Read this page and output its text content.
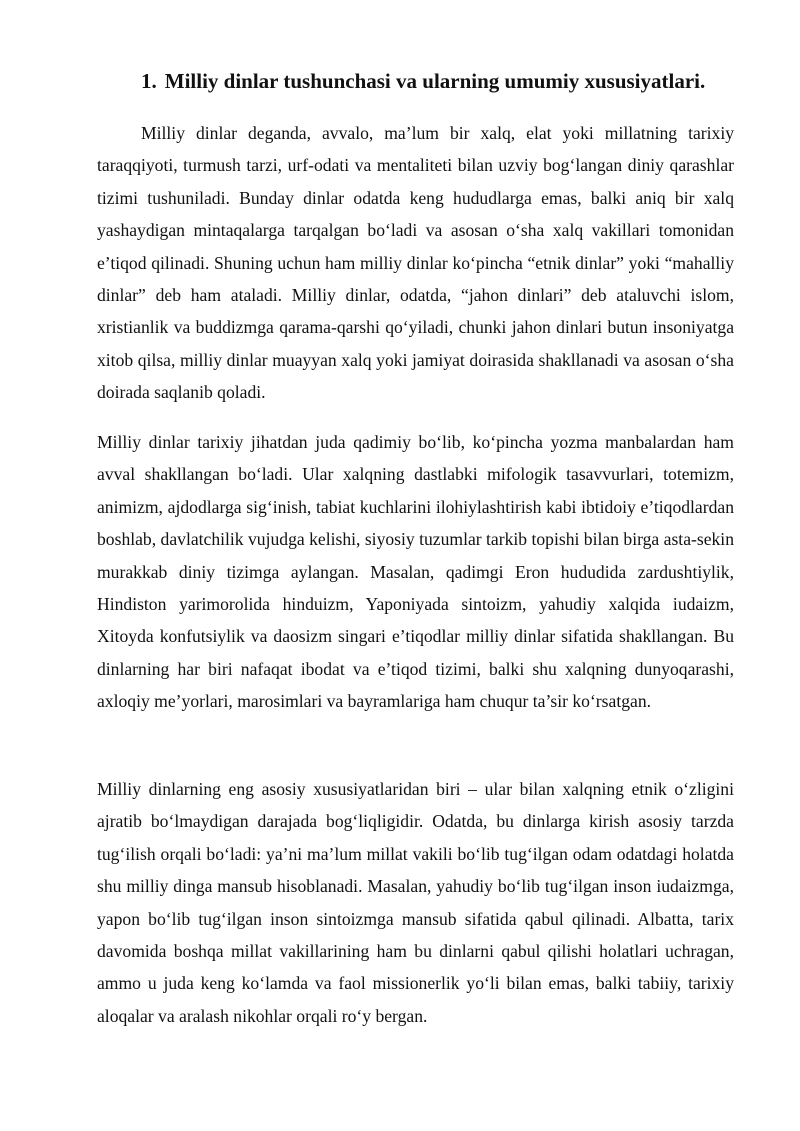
1. Milliy dinlar tushunchasi va ularning umumiy xususiyatlari.

Milliy dinlar deganda, avvalo, ma’lum bir xalq, elat yoki millatning tarixiy taraqqiyoti, turmush tarzi, urf-odati va mentaliteti bilan uzviy bog‘langan diniy qarashlar tizimi tushuniladi. Bunday dinlar odatda keng hududlarga emas, balki aniq bir xalq yashaydigan mintaqalarga tarqalgan bo‘ladi va asosan o‘sha xalq vakillari tomonidan e’tiqod qilinadi. Shuning uchun ham milliy dinlar ko‘pincha “etnik dinlar” yoki “mahalliy dinlar” deb ham ataladi. Milliy dinlar, odatda, “jahon dinlari” deb ataluvchi islom, xristianlik va buddizmga qarama-qarshi qo‘yiladi, chunki jahon dinlari butun insoniyatga xitob qilsa, milliy dinlar muayyan xalq yoki jamiyat doirasida shakllanadi va asosan o‘sha doirada saqlanib qoladi.

Milliy dinlar tarixiy jihatdan juda qadimiy bo‘lib, ko‘pincha yozma manbalardan ham avval shakllangan bo‘ladi. Ular xalqning dastlabki mifologik tasavvurlari, totemizm, animizm, ajdodlarga sig‘inish, tabiat kuchlarini ilohiylashtirish kabi ibtidoiy e’tiqodlardan boshlab, davlatchilik vujudga kelishi, siyosiy tuzumlar tarkib topishi bilan birga asta-sekin murakkab diniy tizimga aylangan. Masalan, qadimgi Eron hududida zardushtiylik, Hindiston yarimorolida hinduizm, Yaponiyada sintoizm, yahudiy xalqida iudaizm, Xitoyda konfutsiylik va daosizm singari e’tiqodlar milliy dinlar sifatida shakllangan. Bu dinlarning har biri nafaqat ibodat va e’tiqod tizimi, balki shu xalqning dunyoqarashi, axloqiy me’yorlari, marosimlari va bayramlariga ham chuqur ta’sir ko‘rsatgan.

Milliy dinlarning eng asosiy xususiyatlaridan biri – ular bilan xalqning etnik o‘zligini ajratib bo‘lmaydigan darajada bog‘liqligidir. Odatda, bu dinlarga kirish asosiy tarzda tug‘ilish orqali bo‘ladi: ya’ni ma’lum millat vakili bo‘lib tug‘ilgan odam odatdagi holatda shu milliy dinga mansub hisoblanadi. Masalan, yahudiy bo‘lib tug‘ilgan inson iudaizmga, yapon bo‘lib tug‘ilgan inson sintoizmga mansub sifatida qabul qilinadi. Albatta, tarix davomida boshqa millat vakillarining ham bu dinlarni qabul qilishi holatlari uchragan, ammo u juda keng ko‘lamda va faol missionerlik yo‘li bilan emas, balki tabiiy, tarixiy aloqalar va aralash nikohlar orqali ro‘y bergan.
